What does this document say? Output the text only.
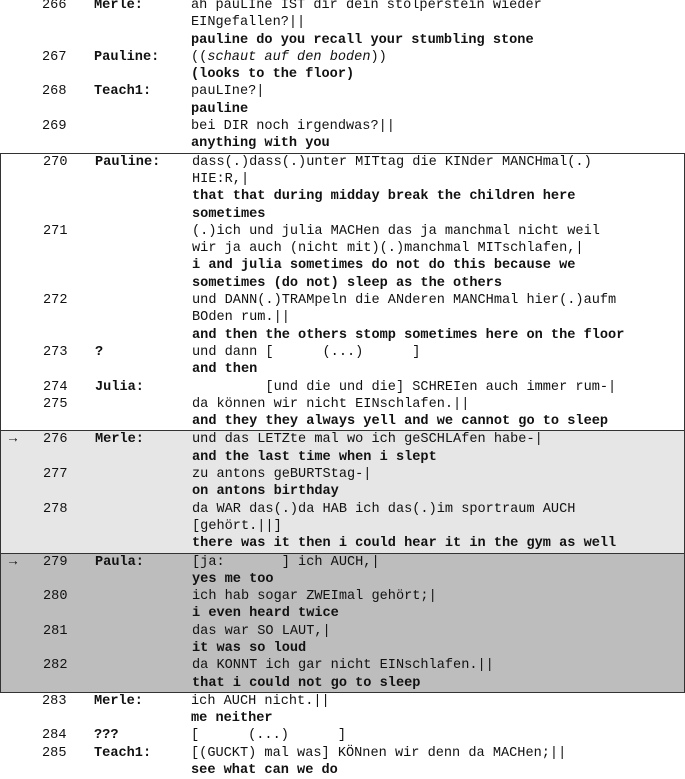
266 Merle:	äh pauLIne IST dir dein stolperstein wieder
EINgefallen?||
pauline do you recall your stumbling stone
267 Pauline: ((schaut auf den boden))
(looks to the floor)
268 Teach1:	pauLIne?|
pauline
269	bei DIR noch irgendwas?||
anything with you
270 Pauline: dass(.)dass(.)unter MITtag die KINder MANCHmal(.)
HIE:R,|
that that during midday break the children here
sometimes
271	(.)ich und julia MACHen das ja manchmal nicht weil
wir ja auch (nicht mit)(.)manchmal MITschlafen,|
i and julia sometimes do not do this because we
sometimes (do not) sleep as the others
272	und DANN(.)TRAMpeln die ANderen MANCHmal hier(.)aufm
BOden rum.||
and then the others stomp sometimes here on the floor
273 ?	und dann [      (...)      ]
and then
274 Julia:	[und die und die] SCHREIen auch immer rum-|
275	da können wir nicht EINschlafen.||
and they they always yell and we cannot go to sleep
→ 276 Merle:	und das LETZte mal wo ich geSCHLAfen habe-|
and the last time when i slept
277	zu antons geBURTStag-|
on antons birthday
278	da WAR das(.)da HAB ich das(.)im sportraum AUCH
[gehört.||]
there was it then i could hear it in the gym as well
→ 279 Paula:	[ja:       ] ich AUCH,|
yes me too
280	ich hab sogar ZWEImal gehört;|
i even heard twice
281	das war SO LAUT,|
it was so loud
282	da KONNT ich gar nicht EINschlafen.||
that i could not go to sleep
283 Merle:	ich AUCH nicht.||
me neither
284 ???	[      (...)      ]
285 Teach1:	[(GUCKT) mal was] KÖNnen wir denn da MACHen;||
see what can we do
